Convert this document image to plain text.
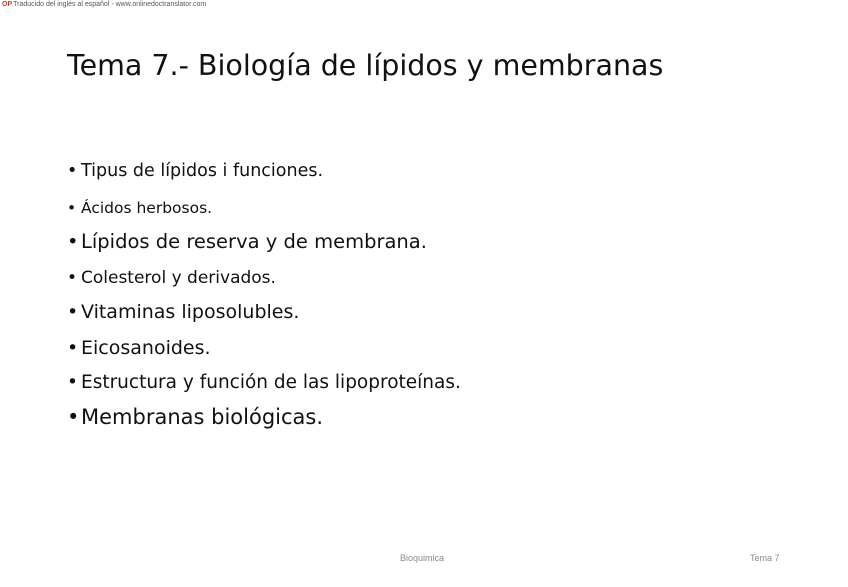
OPTraducido del inglés al español - www.onlinedoctranslator.com
Tema 7.- Biología de lípidos y membranas
• Tipus de lípidos i funciones.
• Ácidos herbosos.
• Lípidos de reserva y de membrana.
• Colesterol y derivados.
• Vitaminas liposolubles.
• Eicosanoides.
• Estructura y función de las lipoproteínas.
• Membranas biológicas.
Bioquimica	Tema 7
